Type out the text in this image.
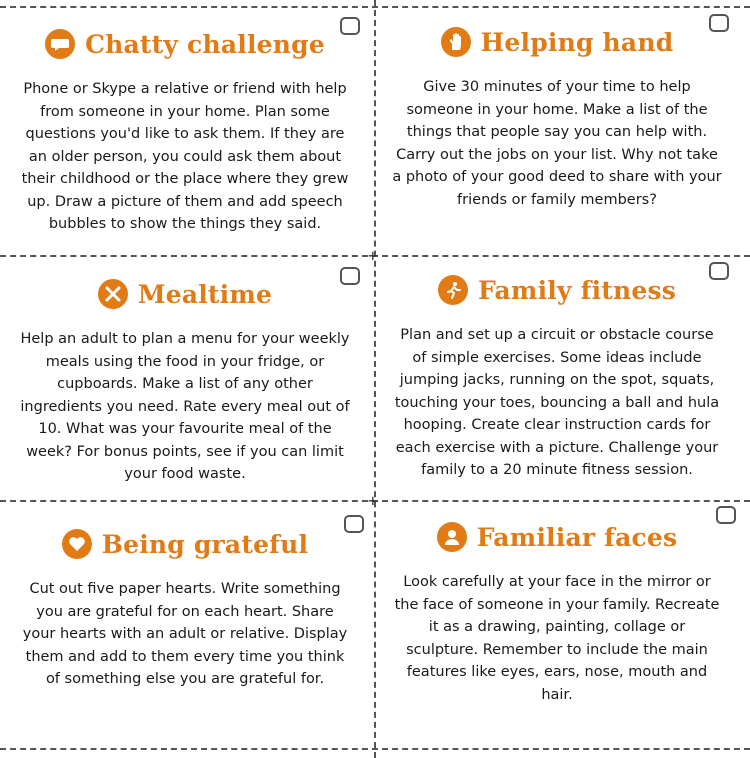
+
+
Chatty challenge
Phone or Skype a relative or friend with help from someone in your home. Plan some questions you'd like to ask them. If they are an older person, you could ask them about their childhood or the place where they grew up. Draw a picture of them and add speech bubbles to show the things they said.
Helping hand
Give 30 minutes of your time to help someone in your home. Make a list of the things that people say you can help with. Carry out the jobs on your list. Why not take a photo of your good deed to share with your friends or family members?
Mealtime
Help an adult to plan a menu for your weekly meals using the food in your fridge, or cupboards. Make a list of any other ingredients you need. Rate every meal out of 10. What was your favourite meal of the week? For bonus points, see if you can limit your food waste.
Family fitness
Plan and set up a circuit or obstacle course of simple exercises. Some ideas include jumping jacks, running on the spot, squats, touching your toes, bouncing a ball and hula hooping. Create clear instruction cards for each exercise with a picture. Challenge your family to a 20 minute fitness session.
Being grateful
Cut out five paper hearts. Write something you are grateful for on each heart. Share your hearts with an adult or relative. Display them and add to them every time you think of something else you are grateful for.
Familiar faces
Look carefully at your face in the mirror or the face of someone in your family. Recreate it as a drawing, painting, collage or sculpture. Remember to include the main features like eyes, ears, nose, mouth and hair.
